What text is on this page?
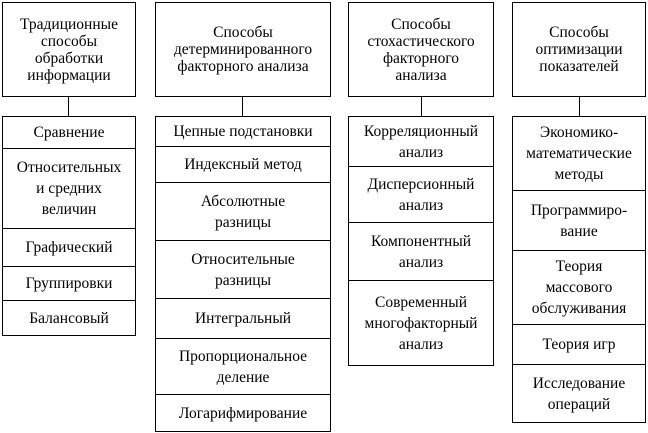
Традиционные
способы
обработки
информации
Сравнение
Относительных
и средних
величин
Графический
Группировки
Балансовый
Способы
детерминированного
факторного анализа
Цепные подстановки
Индексный метод
Абсолютные
разницы
Относительные
разницы
Интегральный
Пропорциональное
деление
Логарифмирование
Способы
стохастического
факторного
анализа
Корреляционный
анализ
Дисперсионный
анализ
Компонентный
анализ
Современный
многофакторный
анализ
Способы
оптимизации
показателей
Экономико-
математические
методы
Программиро-
вание
Теория
массового
обслуживания
Теория игр
Исследование
операций
